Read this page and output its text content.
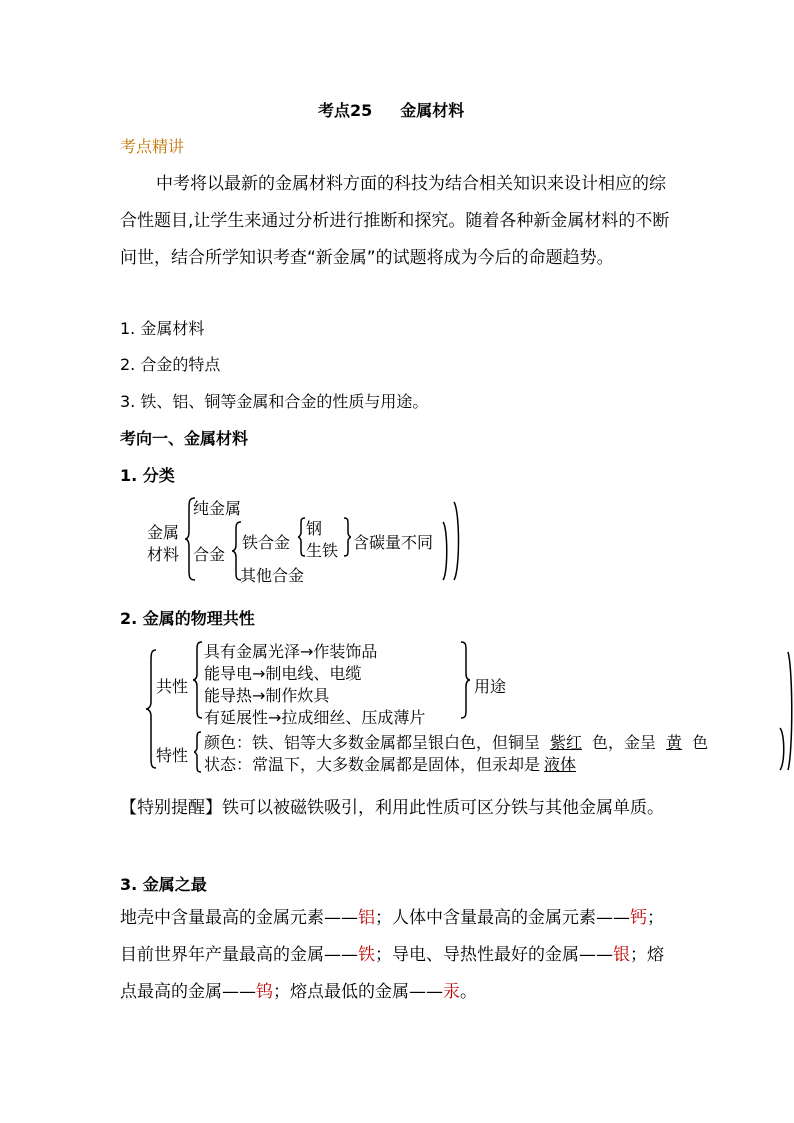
考点25 金属材料
考点精讲
中考将以最新的金属材料方面的科技为结合相关知识来设计相应的综合性题目,让学生来通过分析进行推断和探究。随着各种新金属材料的不断问世，结合所学知识考查“新金属”的试题将成为今后的命题趋势。
1. 金属材料
2. 合金的特点
3. 铁、铝、铜等金属和合金的性质与用途。
考向一、金属材料
1. 分类
金属
材料
纯金属
合金
铁合金
钢
生铁 含碳量不同
其他合金
2. 金属的物理共性
共性
具有金属光泽→作装饰品
能导电→制电线、电缆
能导热→制作炊具
有延展性→拉成细丝、压成薄片
用途
特性
颜色：铁、铝等大多数金属都呈银白色，但铜呈 紫红 色，金呈 黄 色
状态：常温下，大多数金属都是固体，但汞却是 液体
【特别提醒】铁可以被磁铁吸引，利用此性质可区分铁与其他金属单质。
3. 金属之最
地壳中含量最高的金属元素——铝；人体中含量最高的金属元素——钙；目前世界年产量最高的金属——铁；导电、导热性最好的金属——银；熔点最高的金属——钨；熔点最低的金属——汞。
